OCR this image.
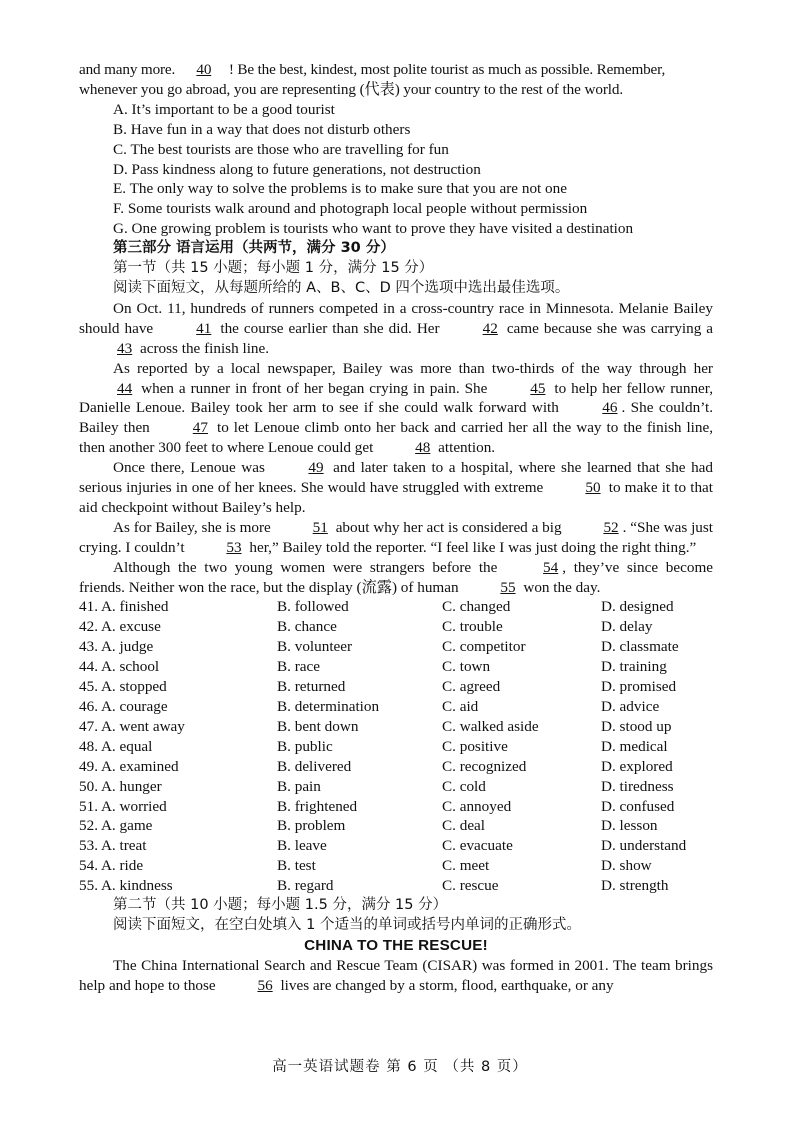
and many more. 40 ! Be the best, kindest, most polite tourist as much as possible. Remember,
whenever you go abroad, you are representing (代表) your country to the rest of the world.
A. It’s important to be a good tourist
B. Have fun in a way that does not disturb others
C. The best tourists are those who are travelling for fun
D. Pass kindness along to future generations, not destruction
E. The only way to solve the problems is to make sure that you are not one
F. Some tourists walk around and photograph local people without permission
G. One growing problem is tourists who want to prove they have visited a destination
第三部分 语言运用（共两节，满分 30 分）
第一节（共 15 小题；每小题 1 分，满分 15 分）
阅读下面短文，从每题所给的 A、B、C、D 四个选项中选出最佳选项。
On Oct. 11, hundreds of runners competed in a cross-country race in Minnesota. Melanie Bailey should have	41 the course earlier than she did. Her	42 came because she was carrying a 43 across the finish line.
As reported by a local newspaper, Bailey was more than two-thirds of the way through her 44 when a runner in front of her began crying in pain. She	45 to help her fellow runner, Danielle Lenoue. Bailey took her arm to see if she could walk forward with	46 . She couldn’t. Bailey then	47 to let Lenoue climb onto her back and carried her all the way to the finish line, then another 300 feet to where Lenoue could get	48 attention.
Once there, Lenoue was	49 and later taken to a hospital, where she learned that she had serious injuries in one of her knees. She would have struggled with extreme	50 to make it to that aid checkpoint without Bailey’s help.
As for Bailey, she is more	51 about why her act is considered a big	52 . “She was just crying. I couldn’t	53 her,” Bailey told the reporter. “I feel like I was just doing the right thing.”
Although the two young women were strangers before the	54 , they’ve since become friends. Neither won the race, but the display (流露) of human	55 won the day.
41. A. finished	B. followed	C. changed	D. designed
42. A. excuse	B. chance	C. trouble	D. delay
43. A. judge	B. volunteer	C. competitor	D. classmate
44. A. school	B. race	C. town	D. training
45. A. stopped	B. returned	C. agreed	D. promised
46. A. courage	B. determination	C. aid	D. advice
47. A. went away	B. bent down	C. walked aside	D. stood up
48. A. equal	B. public	C. positive	D. medical
49. A. examined	B. delivered	C. recognized	D. explored
50. A. hunger	B. pain	C. cold	D. tiredness
51. A. worried	B. frightened	C. annoyed	D. confused
52. A. game	B. problem	C. deal	D. lesson
53. A. treat	B. leave	C. evacuate	D. understand
54. A. ride	B. test	C. meet	D. show
55. A. kindness	B. regard	C. rescue	D. strength
第二节（共 10 小题；每小题 1.5 分，满分 15 分）
阅读下面短文，在空白处填入 1 个适当的单词或括号内单词的正确形式。
CHINA TO THE RESCUE!
The China International Search and Rescue Team (CISAR) was formed in 2001. The team brings help and hope to those	56 lives are changed by a storm, flood, earthquake, or any
高一英语试题卷 第 6 页 （共 8 页）
